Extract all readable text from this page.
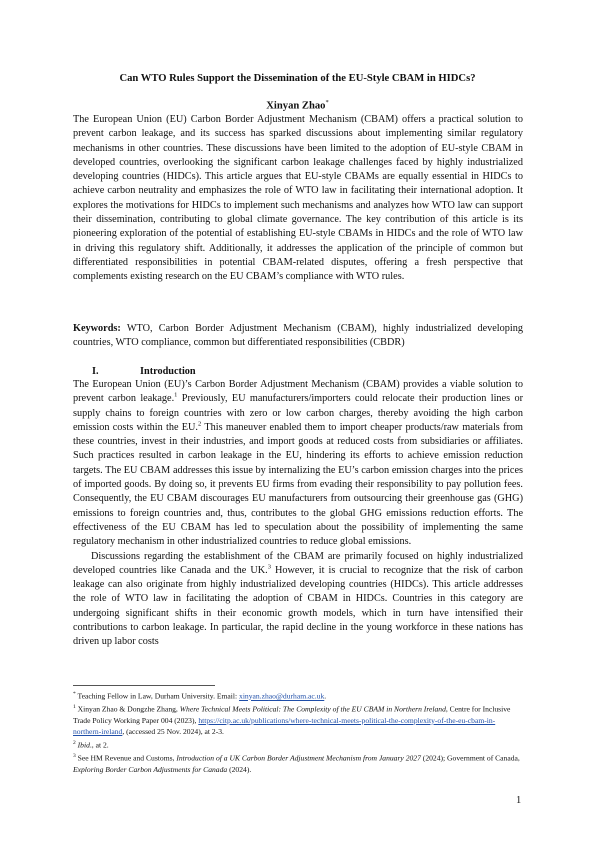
Can WTO Rules Support the Dissemination of the EU-Style CBAM in HIDCs?
Xinyan Zhao*
The European Union (EU) Carbon Border Adjustment Mechanism (CBAM) offers a practical solution to prevent carbon leakage, and its success has sparked discussions about implementing similar regulatory mechanisms in other countries. These discussions have been limited to the adoption of EU-style CBAM in developed countries, overlooking the significant carbon leakage challenges faced by highly industrialized developing countries (HIDCs). This article argues that EU-style CBAMs are equally essential in HIDCs to achieve carbon neutrality and emphasizes the role of WTO law in facilitating their international adoption. It explores the motivations for HIDCs to implement such mechanisms and analyzes how WTO law can support their dissemination, contributing to global climate governance. The key contribution of this article is its pioneering exploration of the potential of establishing EU-style CBAMs in HIDCs and the role of WTO law in driving this regulatory shift. Additionally, it addresses the application of the principle of common but differentiated responsibilities in potential CBAM-related disputes, offering a fresh perspective that complements existing research on the EU CBAM’s compliance with WTO rules.
Keywords: WTO, Carbon Border Adjustment Mechanism (CBAM), highly industrialized developing countries, WTO compliance, common but differentiated responsibilities (CBDR)
I.	Introduction

The European Union (EU)’s Carbon Border Adjustment Mechanism (CBAM) provides a viable solution to prevent carbon leakage.$^1$ Previously, EU manufacturers/importers could relocate their production lines or supply chains to foreign countries with zero or low carbon charges, thereby avoiding the high carbon emission costs within the EU.$^2$ This maneuver enabled them to import cheaper products/raw materials from these countries, invest in their industries, and import goods at reduced costs from subsidiaries or affiliates. Such practices resulted in carbon leakage in the EU, hindering its efforts to achieve emission reduction targets. The EU CBAM addresses this issue by internalizing the EU’s carbon emission charges into the prices of imported goods. By doing so, it prevents EU firms from evading their responsibility to pay pollution fees. Consequently, the EU CBAM discourages EU manufacturers from outsourcing their greenhouse gas (GHG) emissions to foreign countries and, thus, contributes to the global GHG emissions reduction efforts. The effectiveness of the EU CBAM has led to speculation about the possibility of implementing the same regulatory mechanism in other industrialized countries to reduce global emissions.

Discussions regarding the establishment of the CBAM are primarily focused on highly industrialized developed countries like Canada and the UK.$^3$ However, it is crucial to recognize that the risk of carbon leakage can also originate from highly industrialized developing countries (HIDCs). This article addresses the role of WTO law in facilitating the adoption of CBAM in HIDCs. Countries in this category are undergoing significant shifts in their economic growth models, which in turn have intensified their contributions to carbon leakage. In particular, the rapid decline in the young workforce in these nations has driven up labor costs

* Teaching Fellow in Law, Durham University. Email: xinyan.zhao@durham.ac.uk.

$^1$ Xinyan Zhao & Dongzhe Zhang, Where Technical Meets Political: The Complexity of the EU CBAM in Northern Ireland, Centre for Inclusive Trade Policy Working Paper 004 (2023), https://citp.ac.uk/publications/where-technical-meets-political-the-complexity-of-the-eu-cbam-in-northern-ireland, (accessed 25 Nov. 2024), at 2-3.

$^2$ Ibid., at 2.

$^3$ See HM Revenue and Customs, Introduction of a UK Carbon Border Adjustment Mechanism from January 2027 (2024); Government of Canada, Exploring Border Carbon Adjustments for Canada (2024).

1
